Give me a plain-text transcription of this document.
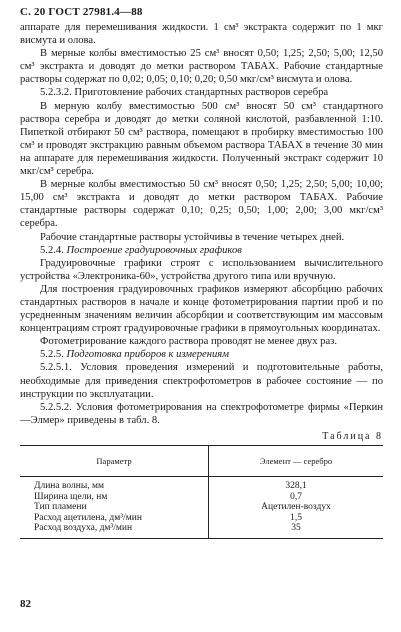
С. 20 ГОСТ 27981.4—88

аппарате для перемешивания жидкости. 1 см³ экстракта содержит по 1 мкг висмута и олова.

В мерные колбы вместимостью 25 см³ вносят 0,50; 1,25; 2,50; 5,00; 12,50 см³ экстракта и доводят до метки раствором ТАБАХ. Рабочие стандартные растворы содержат по 0,02; 0,05; 0,10; 0,20; 0,50 мкг/см³ висмута и олова.

5.2.3.2. Приготовление рабочих стандартных растворов серебра

В мерную колбу вместимостью 500 см³ вносят 50 см³ стандартного раствора серебра и доводят до метки соляной кислотой, разбавленной 1:10. Пипеткой отбирают 50 см³ раствора, помещают в пробирку вместимостью 100 см³ и проводят экстракцию равным объемом раствора ТАБАХ в течение 30 мин на аппарате для перемешивания жидкости. Полученный экстракт содержит 10 мкг/см³ серебра.

В мерные колбы вместимостью 50 см³ вносят 0,50; 1,25; 2,50; 5,00; 10,00; 15,00 см³ экстракта и доводят до метки раствором ТАБАХ. Рабочие стандартные растворы содержат 0,10; 0,25; 0,50; 1,00; 2,00; 3,00 мкг/см³ серебра.

Рабочие стандартные растворы устойчивы в течение четырех дней.

5.2.4. Построение градуировочных графиков

Градуировочные графики строят с использованием вычислительного устройства «Электроника-60», устройства другого типа или вручную.

Для построения градуировочных графиков измеряют абсорбцию рабочих стандартных растворов в начале и конце фотометрирования партии проб и по усредненным значениям величин абсорбции и соответствующим им массовым концентрациям строят градуировочные графики в прямоугольных координатах.

Фотометрирование каждого раствора проводят не менее двух раз.

5.2.5. Подготовка приборов к измерениям

5.2.5.1. Условия проведения измерений и подготовительные работы, необходимые для приведения спектрофотометров в рабочее состояние — по инструкции по эксплуатации.

5.2.5.2. Условия фотометрирования на спектрофотометре фирмы «Перкин—Элмер» приведены в табл. 8.

Таблица 8
Параметр	Элемент — серебро
Длина волны, мм	328,1
Ширина щели, нм	0,7
Тип пламени	Ацетилен-воздух
Расход ацетилена, дм³/мин	1,5
Расход воздуха, дм³/мин	35
82
